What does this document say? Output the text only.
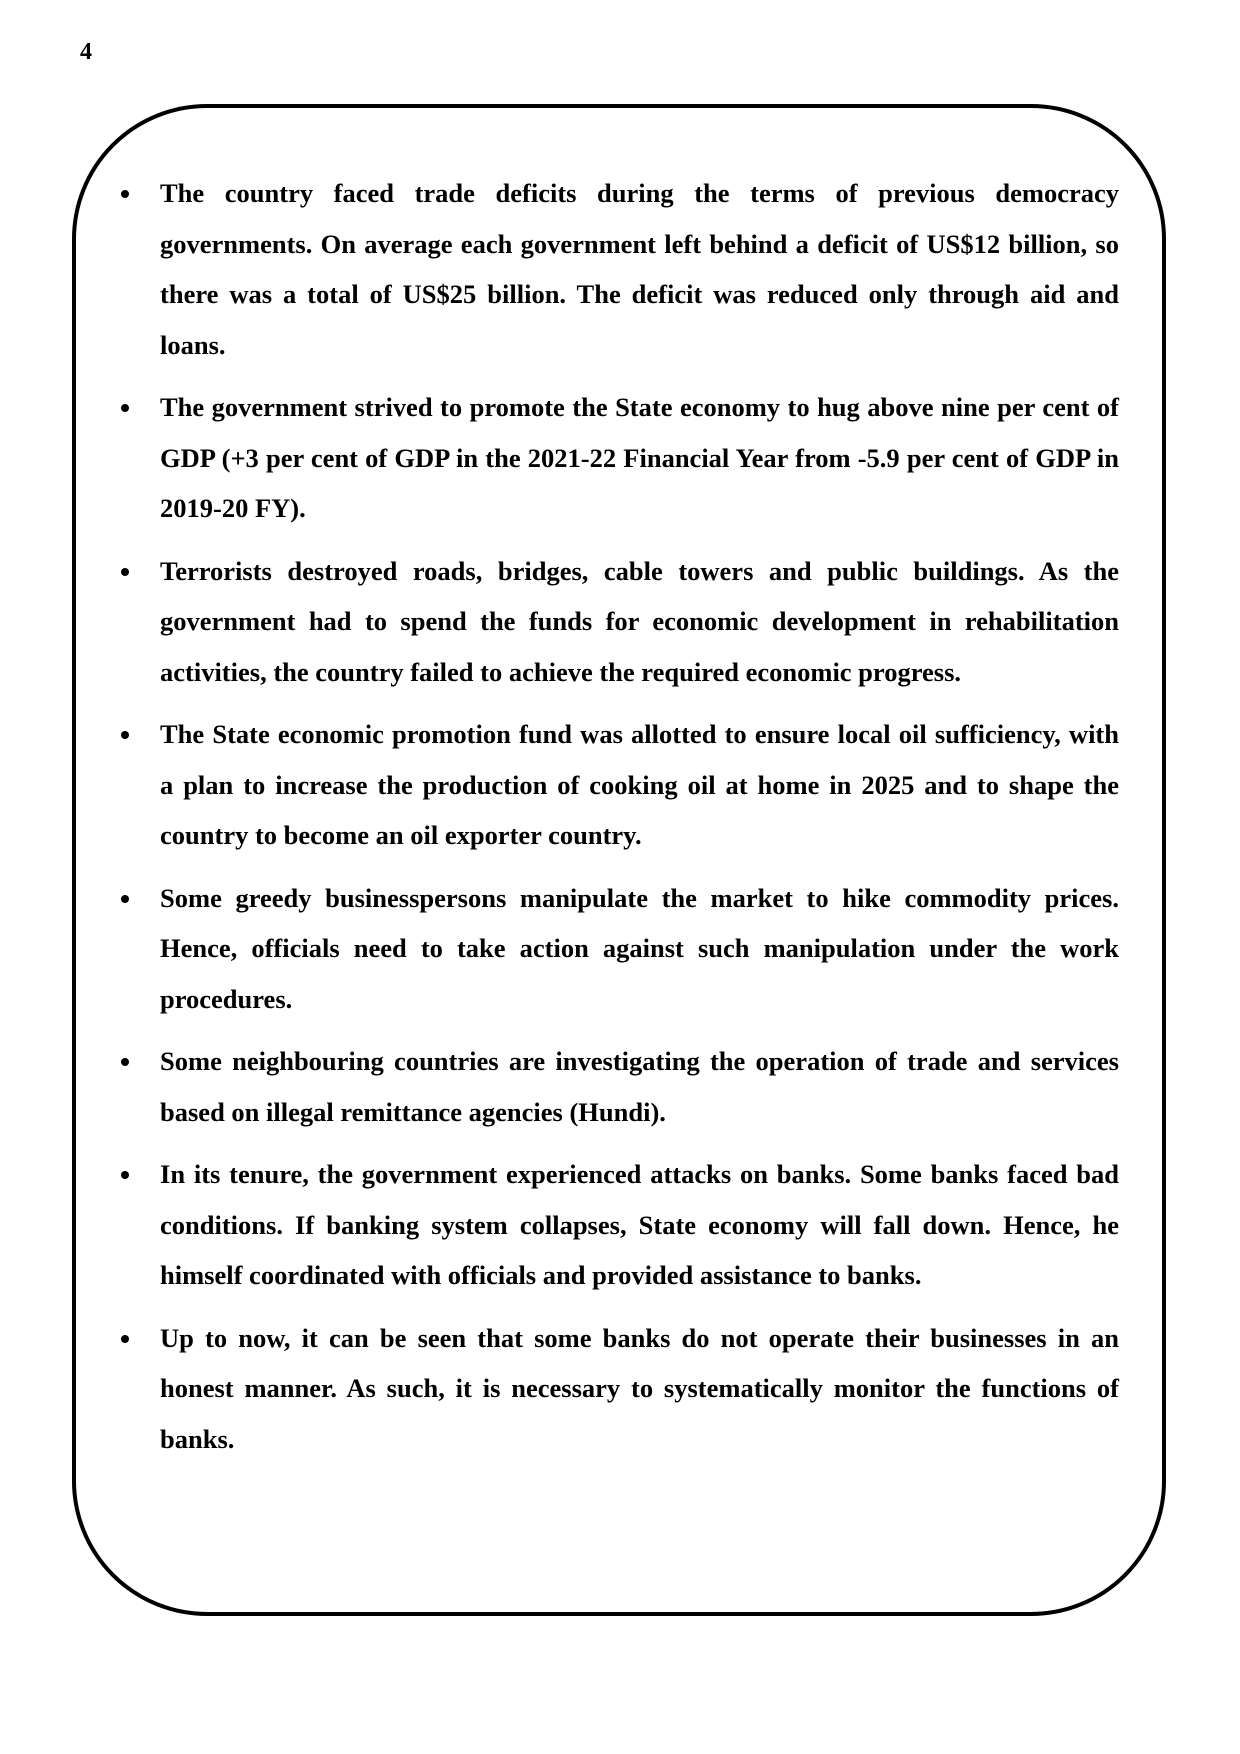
4
The country faced trade deficits during the terms of previous democracy governments. On average each government left behind a deficit of US$12 billion, so there was a total of US$25 billion. The deficit was reduced only through aid and loans.
The government strived to promote the State economy to hug above nine per cent of GDP (+3 per cent of GDP in the 2021-22 Financial Year from -5.9 per cent of GDP in 2019-20 FY).
Terrorists destroyed roads, bridges, cable towers and public buildings. As the government had to spend the funds for economic development in rehabilitation activities, the country failed to achieve the required economic progress.
The State economic promotion fund was allotted to ensure local oil sufficiency, with a plan to increase the production of cooking oil at home in 2025 and to shape the country to become an oil exporter country.
Some greedy businesspersons manipulate the market to hike commodity prices. Hence, officials need to take action against such manipulation under the work procedures.
Some neighbouring countries are investigating the operation of trade and services based on illegal remittance agencies (Hundi).
In its tenure, the government experienced attacks on banks. Some banks faced bad conditions. If banking system collapses, State economy will fall down. Hence, he himself coordinated with officials and provided assistance to banks.
Up to now, it can be seen that some banks do not operate their businesses in an honest manner. As such, it is necessary to systematically monitor the functions of banks.
